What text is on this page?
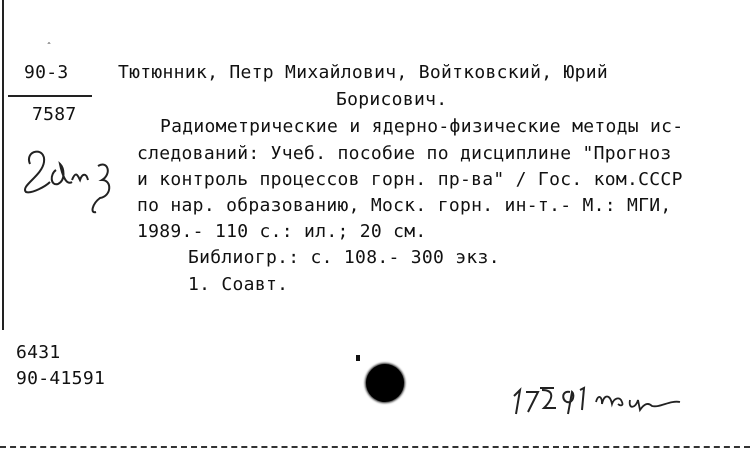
ˆ
90-3
7587
Тютюнник, Петр Михайлович, Войтковский, Юрий
Борисович.
Радиометрические и ядерно-физические методы ис-
следований: Учеб. пособие по дисциплине "Прогноз
и контроль процессов горн. пр-ва" / Гос. ком.СССР
по нар. образованию, Моск. горн. ин-т.- М.: МГИ,
1989.- 110 с.: ил.; 20 см.
Библиогр.: с. 108.- 300 экз.
1. Соавт.
6431
90-41591
